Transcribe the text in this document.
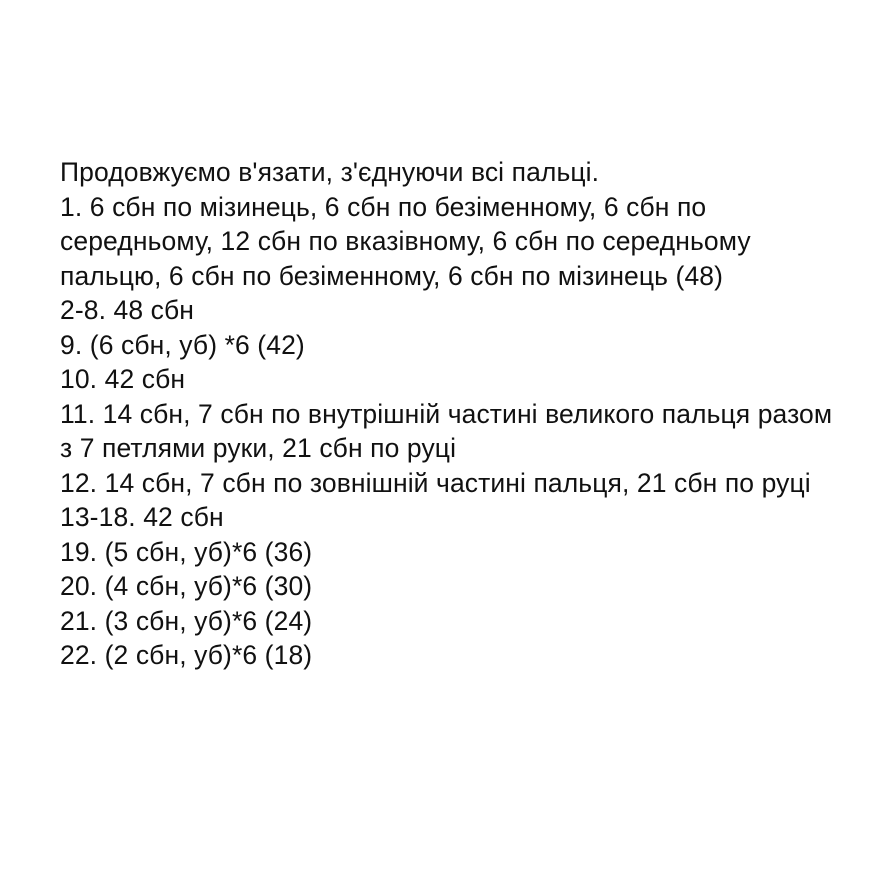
Продовжуємо в'язати, з'єднуючи всі пальці.

1. 6 сбн по мізинець, 6 сбн по безіменному, 6 сбн по середньому, 12 сбн по вказівному, 6 сбн по середньому пальцю, 6 сбн по безіменному, 6 сбн по мізинець (48)

2-8. 48 сбн

9. (6 сбн, уб) *6 (42)

10. 42 сбн

11. 14 сбн, 7 сбн по внутрішній частині великого пальця разом з 7 петлями руки, 21 сбн по руці

12. 14 сбн, 7 сбн по зовнішній частині пальця, 21 сбн по руці

13-18. 42 сбн

19. (5 сбн, уб)*6 (36)

20. (4 сбн, уб)*6 (30)

21. (3 сбн, уб)*6 (24)

22. (2 сбн, уб)*6 (18)
